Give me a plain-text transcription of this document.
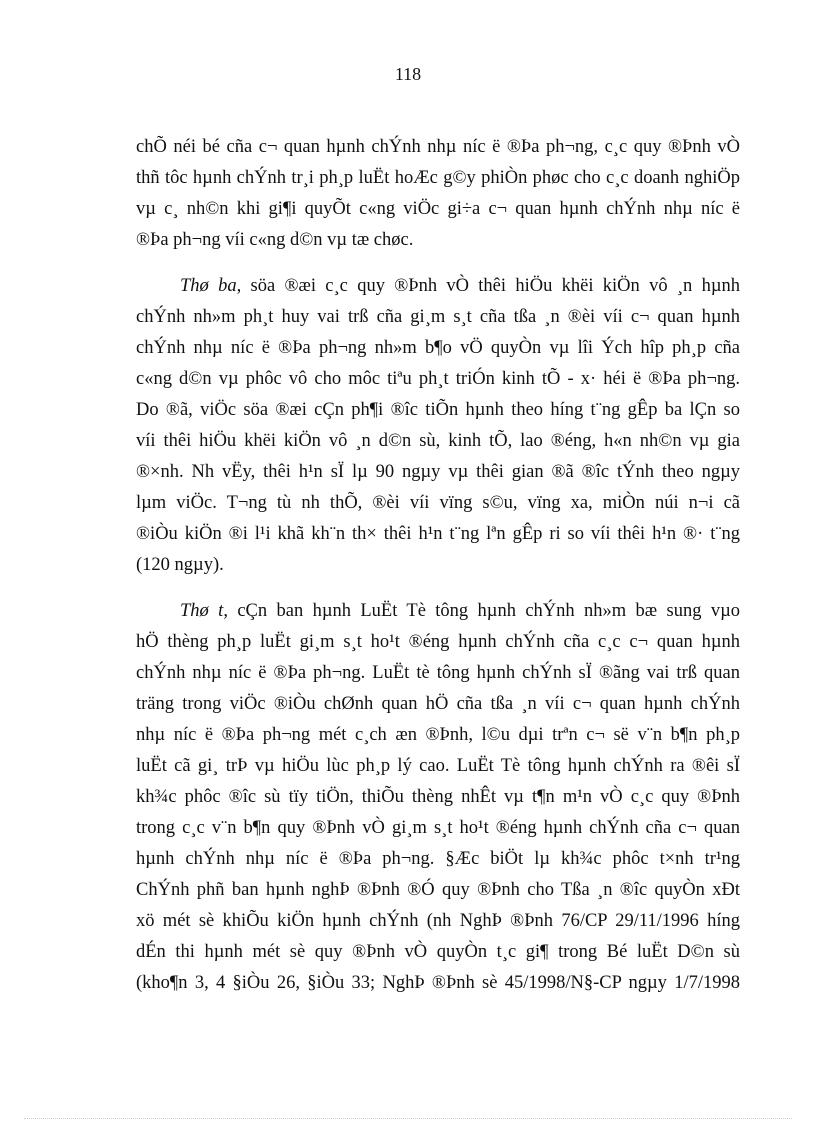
118
chÕ néi bé cña c¬ quan hµnh chÝnh nhµ níc ë ®Þa ph¬ng, c¸c quy ®Þnh vÒ
thñ tôc hµnh chÝnh tr¸i ph¸p luËt hoÆc g©y phiÒn phøc cho c¸c doanh nghiÖp
vµ c¸ nh©n khi gi¶i quyÕt c«ng viÖc gi÷a c¬ quan hµnh chÝnh nhµ níc ë
®Þa ph¬ng víi c«ng d©n vµ tæ chøc.
Thø ba, söa ®æi c¸c quy ®Þnh vÒ thêi hiÖu khëi kiÖn vô ¸n hµnh
chÝnh nh»m ph¸t huy vai trß cña gi¸m s¸t cña tßa ¸n ®èi víi c¬ quan hµnh
chÝnh nhµ níc ë ®Þa ph¬ng nh»m b¶o vÖ quyÒn vµ lîi Ých hîp ph¸p cña
c«ng d©n vµ phôc vô cho môc tiªu ph¸t triÓn kinh tÕ - x· héi ë ®Þa ph¬ng.
Do ®ã, viÖc söa ®æi cÇn ph¶i ®îc tiÕn hµnh theo híng t¨ng gÊp ba lÇn so
víi thêi hiÖu khëi kiÖn vô ¸n d©n sù, kinh tÕ, lao ®éng, h«n nh©n vµ gia
®×nh. Nh vËy, thêi h¹n sÏ lµ 90 ngµy vµ thêi gian ®ã ®îc tÝnh theo ngµy
lµm viÖc. T¬ng tù nh thÕ, ®èi víi vïng s©u, vïng xa, miÒn núi n¬i cã
®iÒu kiÖn ®i l¹i khã kh¨n th× thêi h¹n t¨ng lªn gÊp ri so víi thêi h¹n ®· t¨ng
(120 ngµy).
Thø t, cÇn ban hµnh LuËt Tè tông hµnh chÝnh nh»m bæ sung vµo
hÖ thèng ph¸p luËt gi¸m s¸t ho¹t ®éng hµnh chÝnh cña c¸c c¬ quan hµnh
chÝnh nhµ níc ë ®Þa ph¬ng. LuËt tè tông hµnh chÝnh sÏ ®ãng vai trß quan
träng trong viÖc ®iÒu chØnh quan hÖ cña tßa ¸n víi c¬ quan hµnh chÝnh
nhµ níc ë ®Þa ph¬ng mét c¸ch æn ®Þnh, l©u dµi trªn c¬ së v¨n b¶n ph¸p
luËt cã gi¸ trÞ vµ hiÖu lùc ph¸p lý cao. LuËt Tè tông hµnh chÝnh ra ®êi sÏ
kh¾c phôc ®îc sù tïy tiÖn, thiÕu thèng nhÊt vµ t¶n m¹n vÒ c¸c quy ®Þnh
trong c¸c v¨n b¶n quy ®Þnh vÒ gi¸m s¸t ho¹t ®éng hµnh chÝnh cña c¬ quan
hµnh chÝnh nhµ níc ë ®Þa ph¬ng. §Æc biÖt lµ kh¾c phôc t×nh tr¹ng
ChÝnh phñ ban hµnh nghÞ ®Þnh ®Ó quy ®Þnh cho Tßa ¸n ®îc quyÒn xÐt
xö mét sè khiÕu kiÖn hµnh chÝnh (nh NghÞ ®Þnh 76/CP 29/11/1996 híng
dÉn thi hµnh mét sè quy ®Þnh vÒ quyÒn t¸c gi¶ trong Bé luËt D©n sù
(kho¶n 3, 4 §iÒu 26, §iÒu 33; NghÞ ®Þnh sè 45/1998/N§-CP ngµy 1/7/1998
